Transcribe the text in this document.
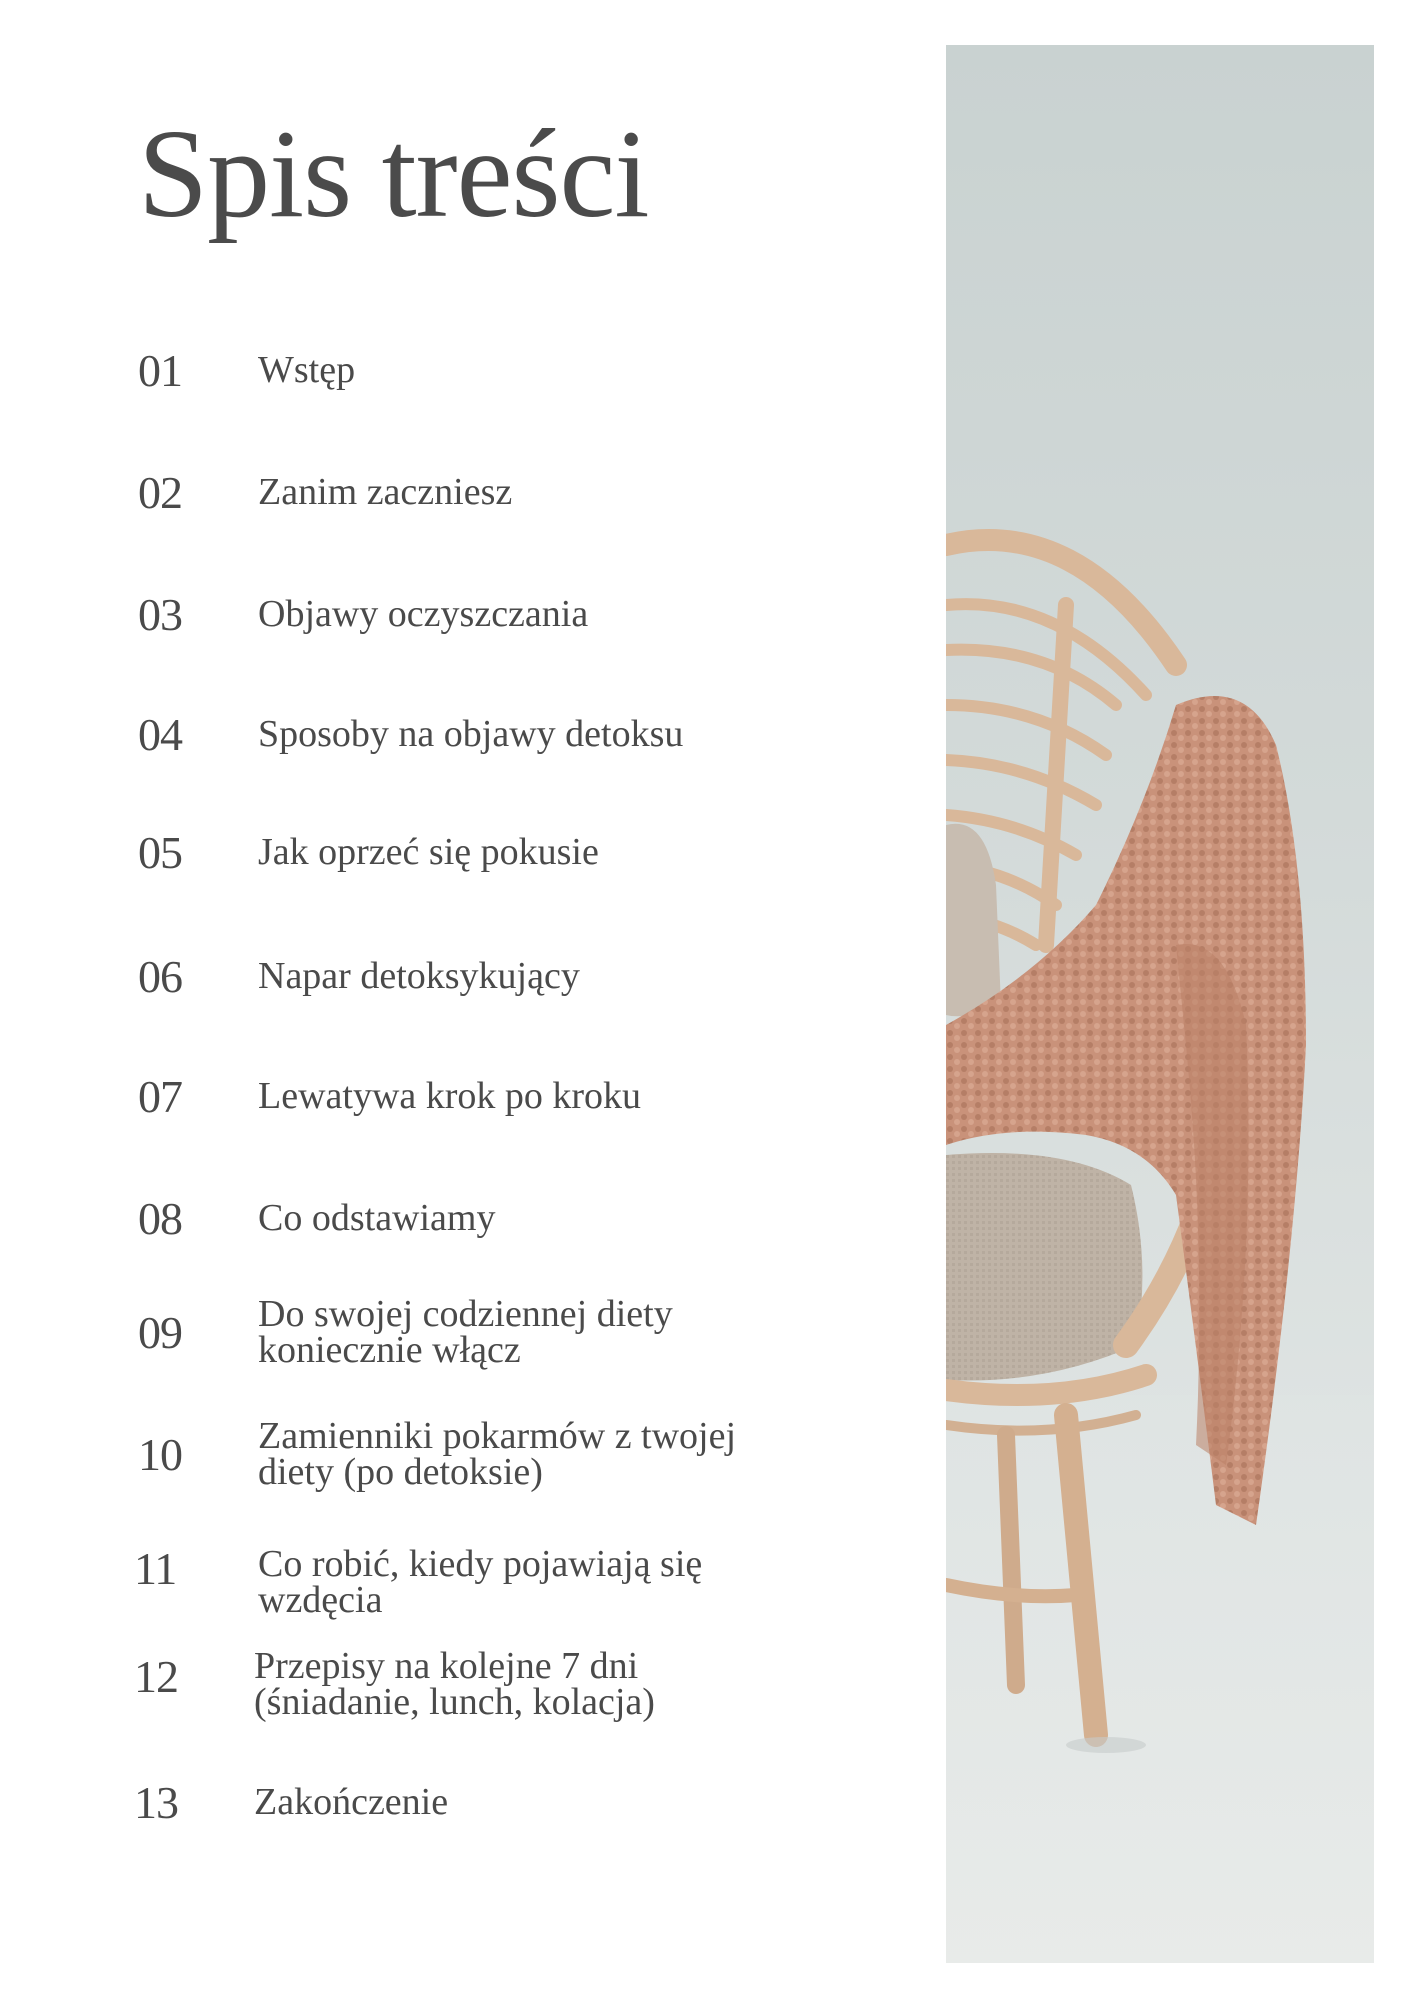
Spis treści
01	Wstęp
02	Zanim zaczniesz
03	Objawy oczyszczania
04	Sposoby na objawy detoksu
05	Jak oprzeć się pokusie
06	Napar detoksykujący
07	Lewatywa krok po kroku
08	Co odstawiamy
09	Do swojej codziennej diety
koniecznie włącz
10	Zamienniki pokarmów z twojej
diety (po detoksie)
11	Co robić, kiedy pojawiają się
wzdęcia
12	Przepisy na kolejne 7 dni
(śniadanie, lunch, kolacja)
13	Zakończenie
